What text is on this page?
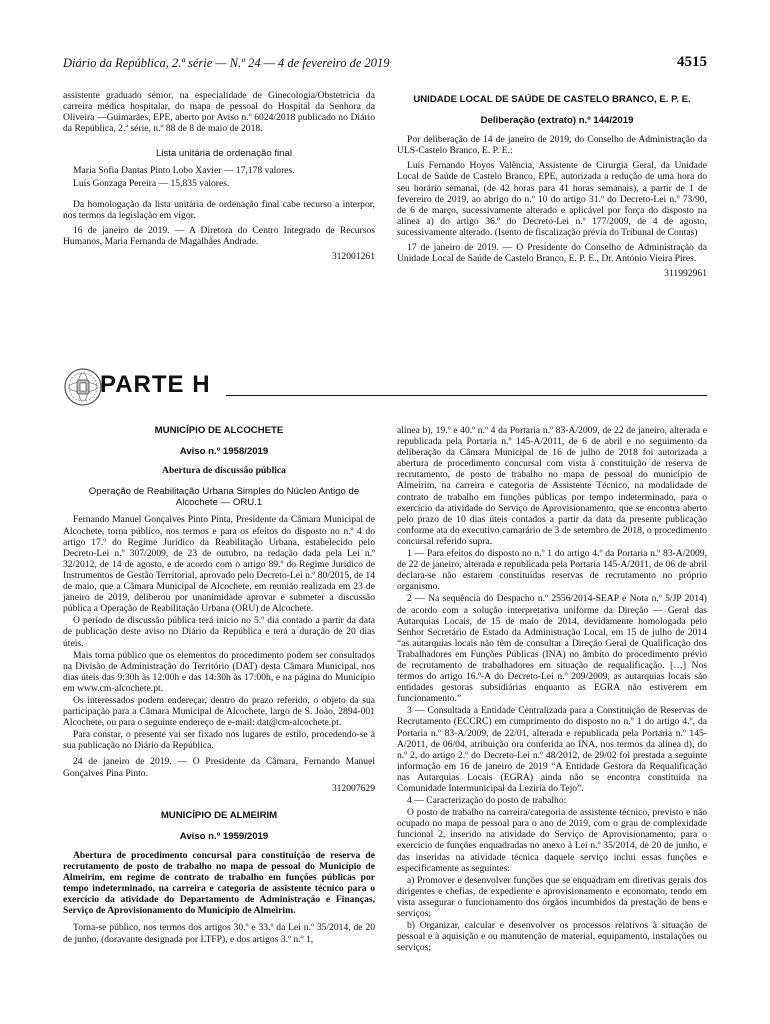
Diário da República, 2.ª série — N.º 24 — 4 de fevereiro de 2019	4515

assistente graduado sénior, na especialidade de Ginecologia/Obstetrícia da carreira médica hospitalar, do mapa de pessoal do Hospital da Senhora da Oliveira —Guimarães, EPE, aberto por Aviso n.º 6024/2018 publicado no Diário da República, 2.ª série, n.º 88 de 8 de maio de 2018.

Lista unitária de ordenação final

Maria Sofia Dantas Pinto Lobo Xavier — 17,178 valores.

Luís Gonzaga Pereira — 15,835 valores.

Da homologação da lista unitária de ordenação final cabe recurso a interpor, nos termos da legislação em vigor.

16 de janeiro de 2019. — A Diretora do Centro Integrado de Recursos Humanos, Maria Fernanda de Magalhães Andrade.

312001261

UNIDADE LOCAL DE SAÚDE DE CASTELO BRANCO, E. P. E.

Deliberação (extrato) n.º 144/2019

Por deliberação de 14 de janeiro de 2019, do Conselho de Administração da ULS-Castelo Branco, E. P. E.:

Luís Fernando Hoyos Valência, Assistente de Cirurgia Geral, da Unidade Local de Saúde de Castelo Branco, EPE, autorizada a redução de uma hora do seu horário semanal, (de 42 horas para 41 horas semanais), a partir de 1 de fevereiro de 2019, ao abrigo do n.º 10 do artigo 31.º do Decreto-Lei n.º 73/90, de 6 de março, sucessivamente alterado e aplicável por força do disposto na alínea a) do artigo 36.º do Decreto-Lei n.º 177/2009, de 4 de agosto, sucessivamente alterado. (Isento de fiscalização prévia do Tribunal de Contas)

17 de janeiro de 2019. — O Presidente do Conselho de Administração da Unidade Local de Saúde de Castelo Branco, E. P. E., Dr. António Vieira Pires.

311992961

PARTE H
MUNICÍPIO DE ALCOCHETE

Aviso n.º 1958/2019

Abertura de discussão pública

Operação de Reabilitação Urbana Simples do Núcleo Antigo de Alcochete — ORU.1

Fernando Manuel Gonçalves Pinto Pinta, Presidente da Câmara Municipal de Alcochete, torna público, nos termos e para os efeitos do disposto no n.º 4 do artigo 17.º do Regime Jurídico da Reabilitação Urbana, estabelecido pelo Decreto-Lei n.º 307/2009, de 23 de outubro, na redação dada pela Lei n.º 32/2012, de 14 de agosto, e de acordo com o artigo 89.º do Regime Jurídico de Instrumentos de Gestão Territorial, aprovado pelo Decreto-Lei n.º 80/2015, de 14 de maio, que a Câmara Municipal de Alcochete, em reunião realizada em 23 de janeiro de 2019, deliberou por unanimidade aprovar e submeter a discussão pública a Operação de Reabilitação Urbana (ORU) de Alcochete.

O período de discussão pública terá início no 5.º dia contado a partir da data de publicação deste aviso no Diário da República e terá a duração de 20 dias úteis.

Mais torna público que os elementos do procedimento podem ser consultados na Divisão de Administração do Território (DAT) desta Câmara Municipal, nos dias úteis das 9:30h às 12:00h e das 14:30h às 17:00h, e na página do Município em www.cm-alcochete.pt.

Os interessados podem endereçar, dentro do prazo referido, o objeto da sua participação para a Câmara Municipal de Alcochete, largo de S. João, 2894-001 Alcochete, ou para o seguinte endereço de e-mail: dat@cm-alcochete.pt.

Para constar, o presente vai ser fixado nos lugares de estilo, procedendo-se à sua publicação no Diário da República.

24 de janeiro de 2019. — O Presidente da Câmara, Fernando Manuel Gonçalves Pina Pinto.

312007629

MUNICÍPIO DE ALMEIRIM

Aviso n.º 1959/2019

Abertura de procedimento concursal para constituição de reserva de recrutamento de posto de trabalho no mapa de pessoal do Município de Almeirim, em regime de contrato de trabalho em funções públicas por tempo indeterminado, na carreira e categoria de assistente técnico para o exercício da atividade do Departamento de Administração e Finanças, Serviço de Aprovisionamento do Município de Almeirim.

Torna-se público, nos termos dos artigos 30.º e 33.º da Lei n.º 35/2014, de 20 de junho, (doravante designada por LTFP), e dos artigos 3.º n.º 1,

alínea b), 19.º e 40.º n.º 4 da Portaria n.º 83-A/2009, de 22 de janeiro, alterada e republicada pela Portaria n.º 145-A/2011, de 6 de abril e no seguimento da deliberação da Câmara Municipal de 16 de julho de 2018 foi autorizada a abertura de procedimento concursal com vista à constituição de reserva de recrutamento, de posto de trabalho no mapa de pessoal do município de Almeirim, na carreira e categoria de Assistente Técnico, na modalidade de contrato de trabalho em funções públicas por tempo indeterminado, para o exercício da atividade do Serviço de Aprovisionamento, que se encontra aberto pelo prazo de 10 dias úteis contados a partir da data da presente publicação conforme ata do executivo camarário de 3 de setembro de 2018, o procedimento concursal referido supra.

1 — Para efeitos do disposto no n.º 1 do artigo 4.º da Portaria n.º 83-A/2009, de 22 de janeiro, alterada e republicada pela Portaria 145-A/2011, de 06 de abril declara-se não estarem constituídas reservas de recrutamento no próprio organismo.

2 — Na sequência do Despacho n.º 2556/2014-SEAP e Nota n.º 5/JP 2014) de acordo com a solução interpretativa uniforme da Direção — Geral das Autarquias Locais, de 15 de maio de 2014, devidamente homologada pelo Senhor Secretário de Estado da Administração Local, em 15 de julho de 2014 “as autarquias locais não têm de consultar a Direção Geral de Qualificação dos Trabalhadores em Funções Públicas (INA) no âmbito do procedimento prévio de recrutamento de trabalhadores em situação de requalificação. […] Nos termos do artigo 16.º-A do Decreto-Lei n.º 209/2009, as autarquias locais são entidades gestoras subsidiárias enquanto as EGRA não estiverem em funcionamento.”

3 — Consultada a Entidade Centralizada para a Constituição de Reservas de Recrutamento (ECCRC) em cumprimento do disposto no n.º 1 do artigo 4.º, da Portaria n.º 83-A/2009, de 22/01, alterada e republicada pela Portaria n.º 145-A/2011, de 06/04, atribuição ora conferida ao INA, nos termos da alínea d), do n.º 2, do artigo 2.º do Decreto-Lei n.º 48/2012, de 29/02 foi prestada a seguinte informação em 16 de janeiro de 2019 “A Entidade Gestora da Requalificação nas Autarquias Locais (EGRA) ainda não se encontra constituída na Comunidade Intermunicipal da Lezíria do Tejo”.

4 — Caracterização do posto de trabalho:

O posto de trabalho na carreira/categoria de assistente técnico, previsto e não ocupado no mapa de pessoal para o ano de 2019, com o grau de complexidade funcional 2, inserido na atividade do Serviço de Aprovisionamento, para o exercício de funções enquadradas no anexo à Lei n.º 35/2014, de 20 de junho, e das inseridas na atividade técnica daquele serviço inclui essas funções e especificamente as seguintes:

a) Promover e desenvolver funções que se enquadram em diretivas gerais dos dirigentes e chefias, de expediente e aprovisionamento e economato, tendo em vista assegurar o funcionamento dos órgãos incumbidos da prestação de bens e serviços;

b) Organizar, calcular e desenvolver os processos relativos à situação de pessoal e à aquisição e ou manutenção de material, equipamento, instalações ou serviços;
